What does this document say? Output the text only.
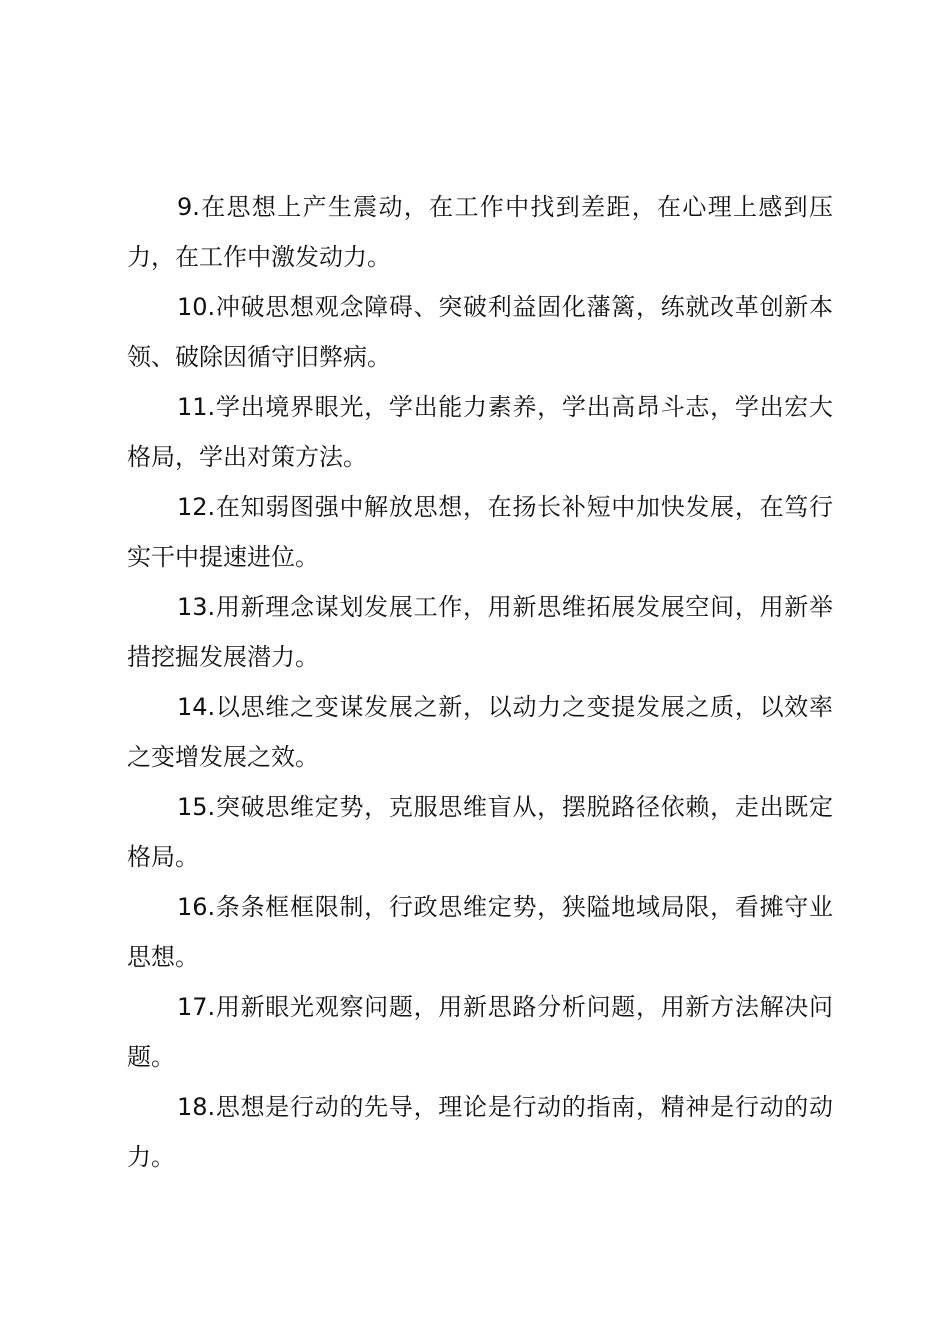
9.在思想上产生震动，在工作中找到差距，在心理上感到压力，在工作中激发动力。

10.冲破思想观念障碍、突破利益固化藩篱，练就改革创新本领、破除因循守旧弊病。

11.学出境界眼光，学出能力素养，学出高昂斗志，学出宏大格局，学出对策方法。

12.在知弱图强中解放思想，在扬长补短中加快发展，在笃行实干中提速进位。

13.用新理念谋划发展工作，用新思维拓展发展空间，用新举措挖掘发展潜力。

14.以思维之变谋发展之新，以动力之变提发展之质，以效率之变增发展之效。

15.突破思维定势，克服思维盲从，摆脱路径依赖，走出既定格局。

16.条条框框限制，行政思维定势，狭隘地域局限，看摊守业思想。

17.用新眼光观察问题，用新思路分析问题，用新方法解决问题。

18.思想是行动的先导，理论是行动的指南，精神是行动的动力。
